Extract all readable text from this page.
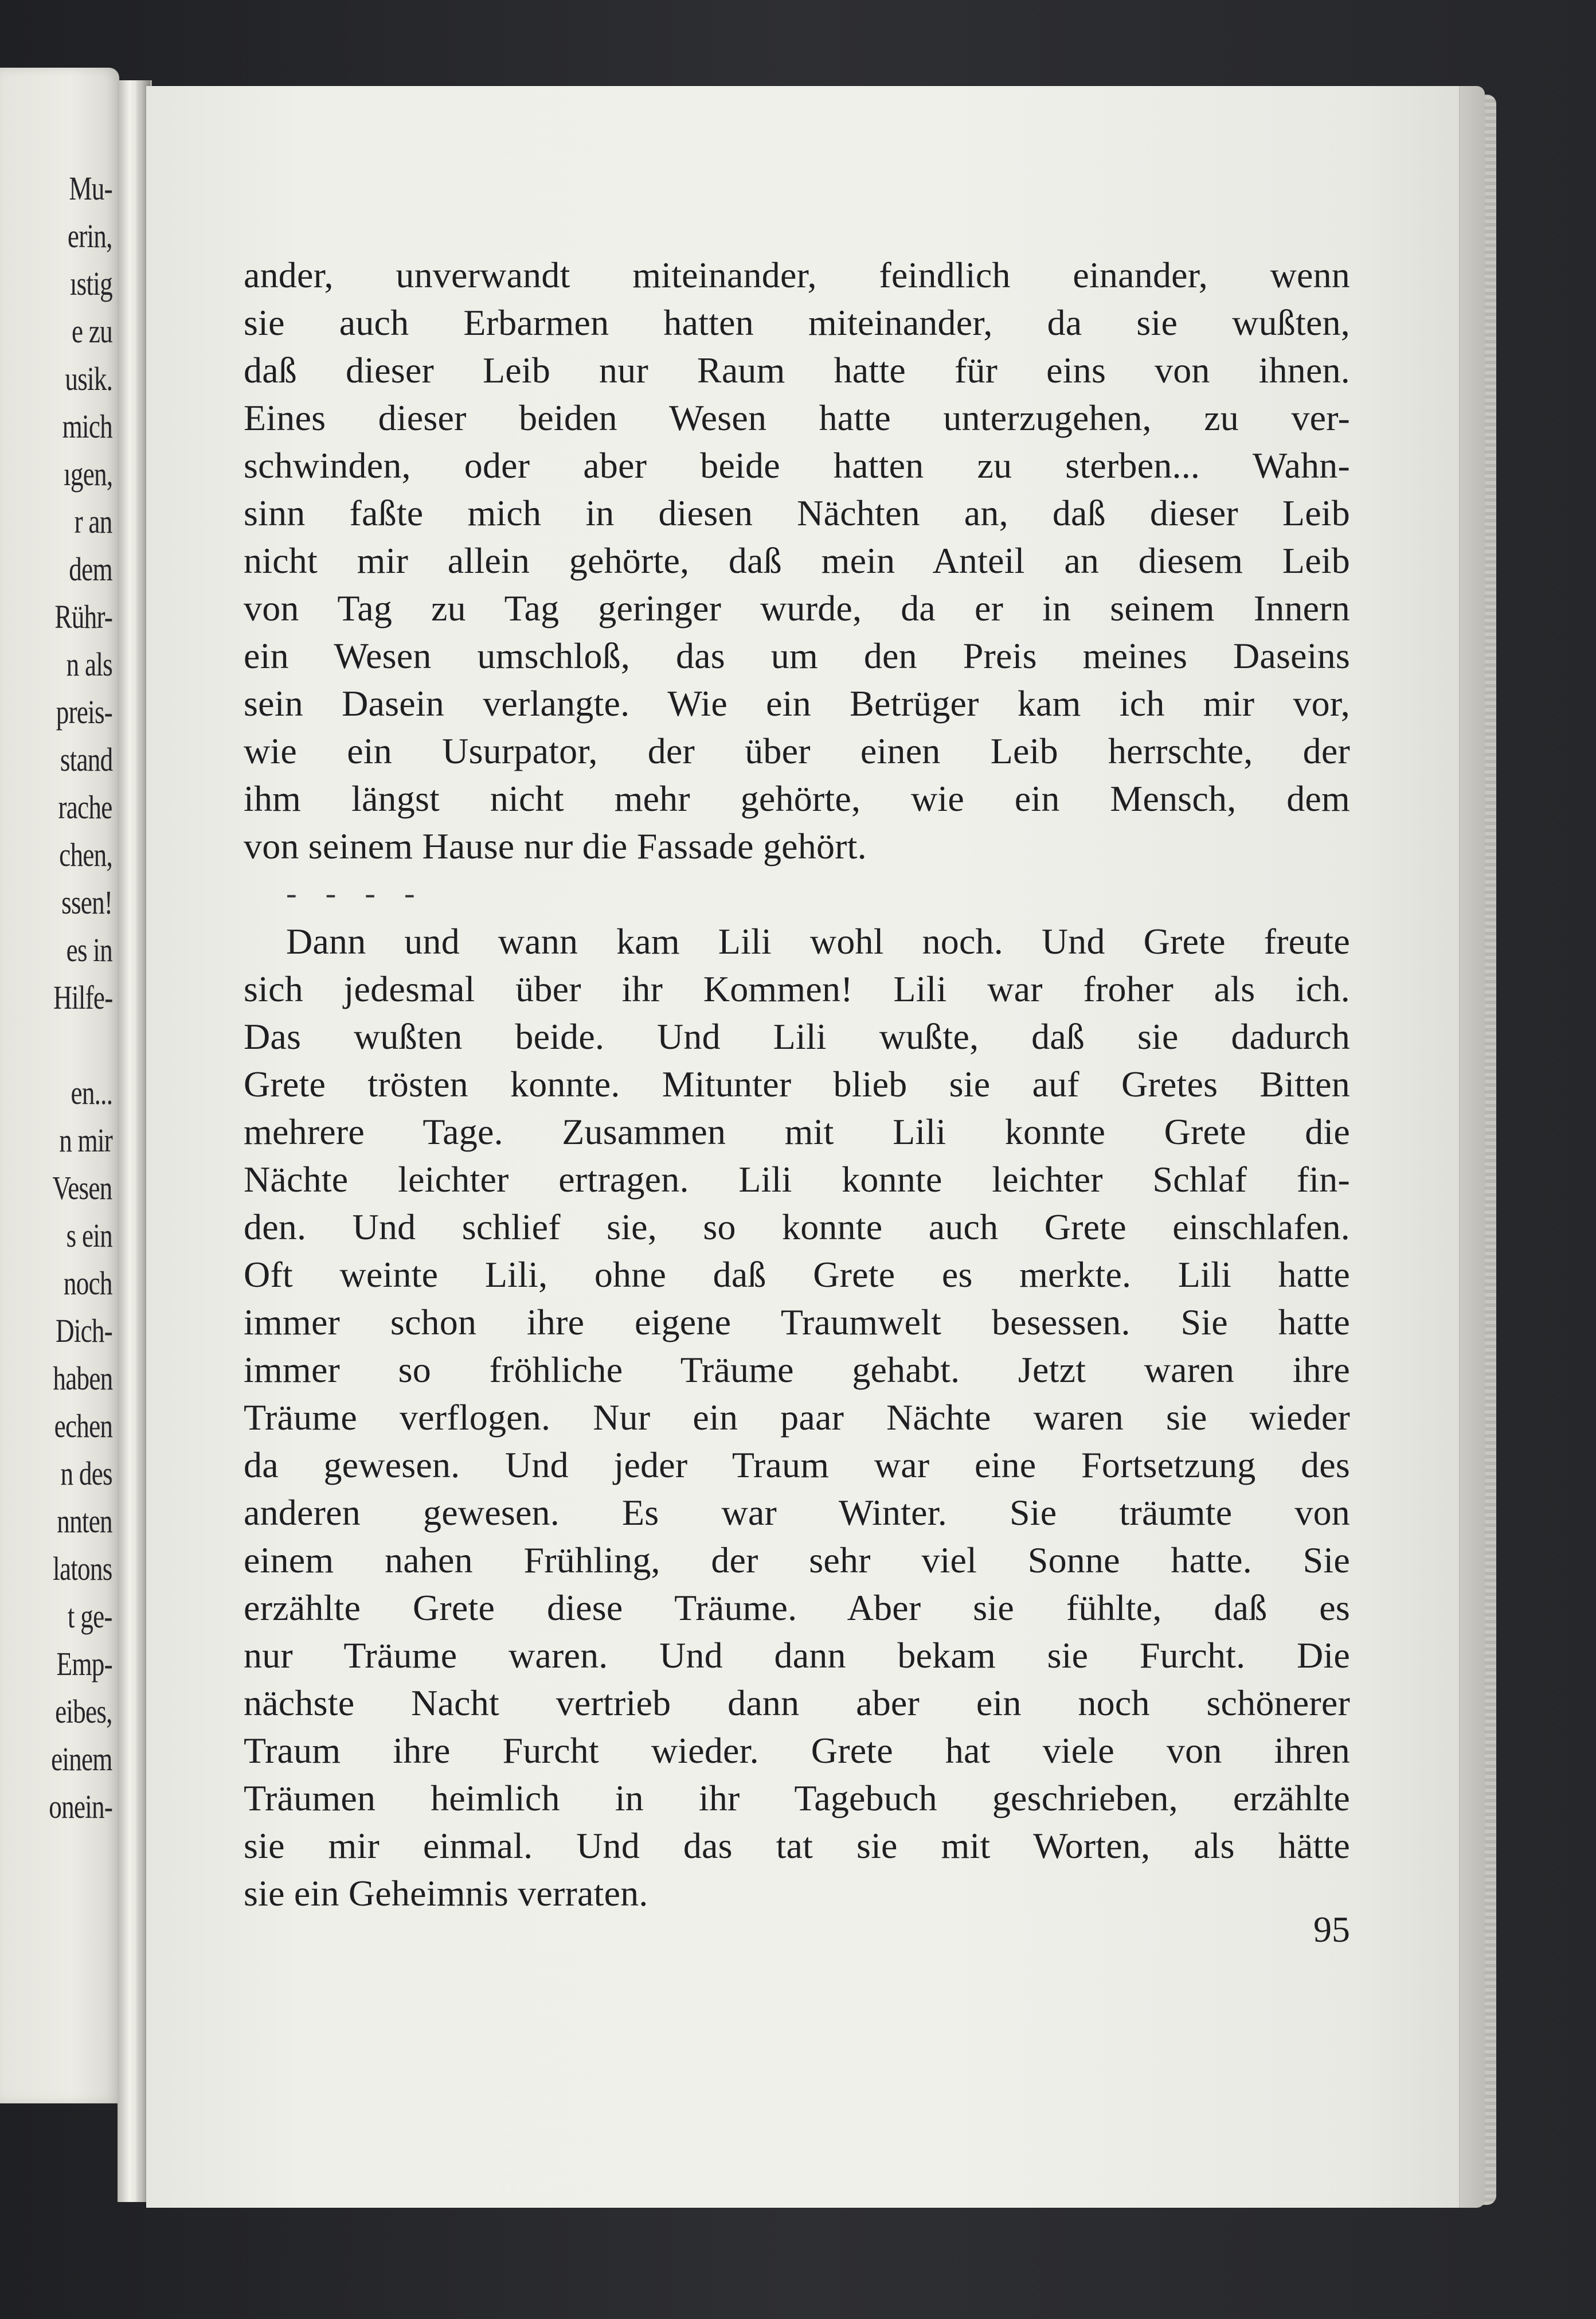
Mu-
erin,
ıstig
e zu
usik.
mich
ıgen,
r an
dem
Rühr-
n als
preis-
stand
rache
chen,
ssen!
es in
Hilfe-
en...
n mir
Vesen
s ein
noch
Dich-
haben
echen
n des
nnten
latons
t ge-
Emp-
eibes,
einem
onein-
ander, unverwandt miteinander, feindlich einander, wenn
sie auch Erbarmen hatten miteinander, da sie wußten,
daß dieser Leib nur Raum hatte für eins von ihnen.
Eines dieser beiden Wesen hatte unterzugehen, zu ver-
schwinden, oder aber beide hatten zu sterben... Wahn-
sinn faßte mich in diesen Nächten an, daß dieser Leib
nicht mir allein gehörte, daß mein Anteil an diesem Leib
von Tag zu Tag geringer wurde, da er in seinem Innern
ein Wesen umschloß, das um den Preis meines Daseins
sein Dasein verlangte. Wie ein Betrüger kam ich mir vor,
wie ein Usurpator, der über einen Leib herrschte, der
ihm längst nicht mehr gehörte, wie ein Mensch, dem
von seinem Hause nur die Fassade gehört.
- - - -
Dann und wann kam Lili wohl noch. Und Grete freute
sich jedesmal über ihr Kommen! Lili war froher als ich.
Das wußten beide. Und Lili wußte, daß sie dadurch
Grete trösten konnte. Mitunter blieb sie auf Gretes Bitten
mehrere Tage. Zusammen mit Lili konnte Grete die
Nächte leichter ertragen. Lili konnte leichter Schlaf fin-
den. Und schlief sie, so konnte auch Grete einschlafen.
Oft weinte Lili, ohne daß Grete es merkte. Lili hatte
immer schon ihre eigene Traumwelt besessen. Sie hatte
immer so fröhliche Träume gehabt. Jetzt waren ihre
Träume verflogen. Nur ein paar Nächte waren sie wieder
da gewesen. Und jeder Traum war eine Fortsetzung des
anderen gewesen. Es war Winter. Sie träumte von
einem nahen Frühling, der sehr viel Sonne hatte. Sie
erzählte Grete diese Träume. Aber sie fühlte, daß es
nur Träume waren. Und dann bekam sie Furcht. Die
nächste Nacht vertrieb dann aber ein noch schönerer
Traum ihre Furcht wieder. Grete hat viele von ihren
Träumen heimlich in ihr Tagebuch geschrieben, erzählte
sie mir einmal. Und das tat sie mit Worten, als hätte
sie ein Geheimnis verraten.
95
